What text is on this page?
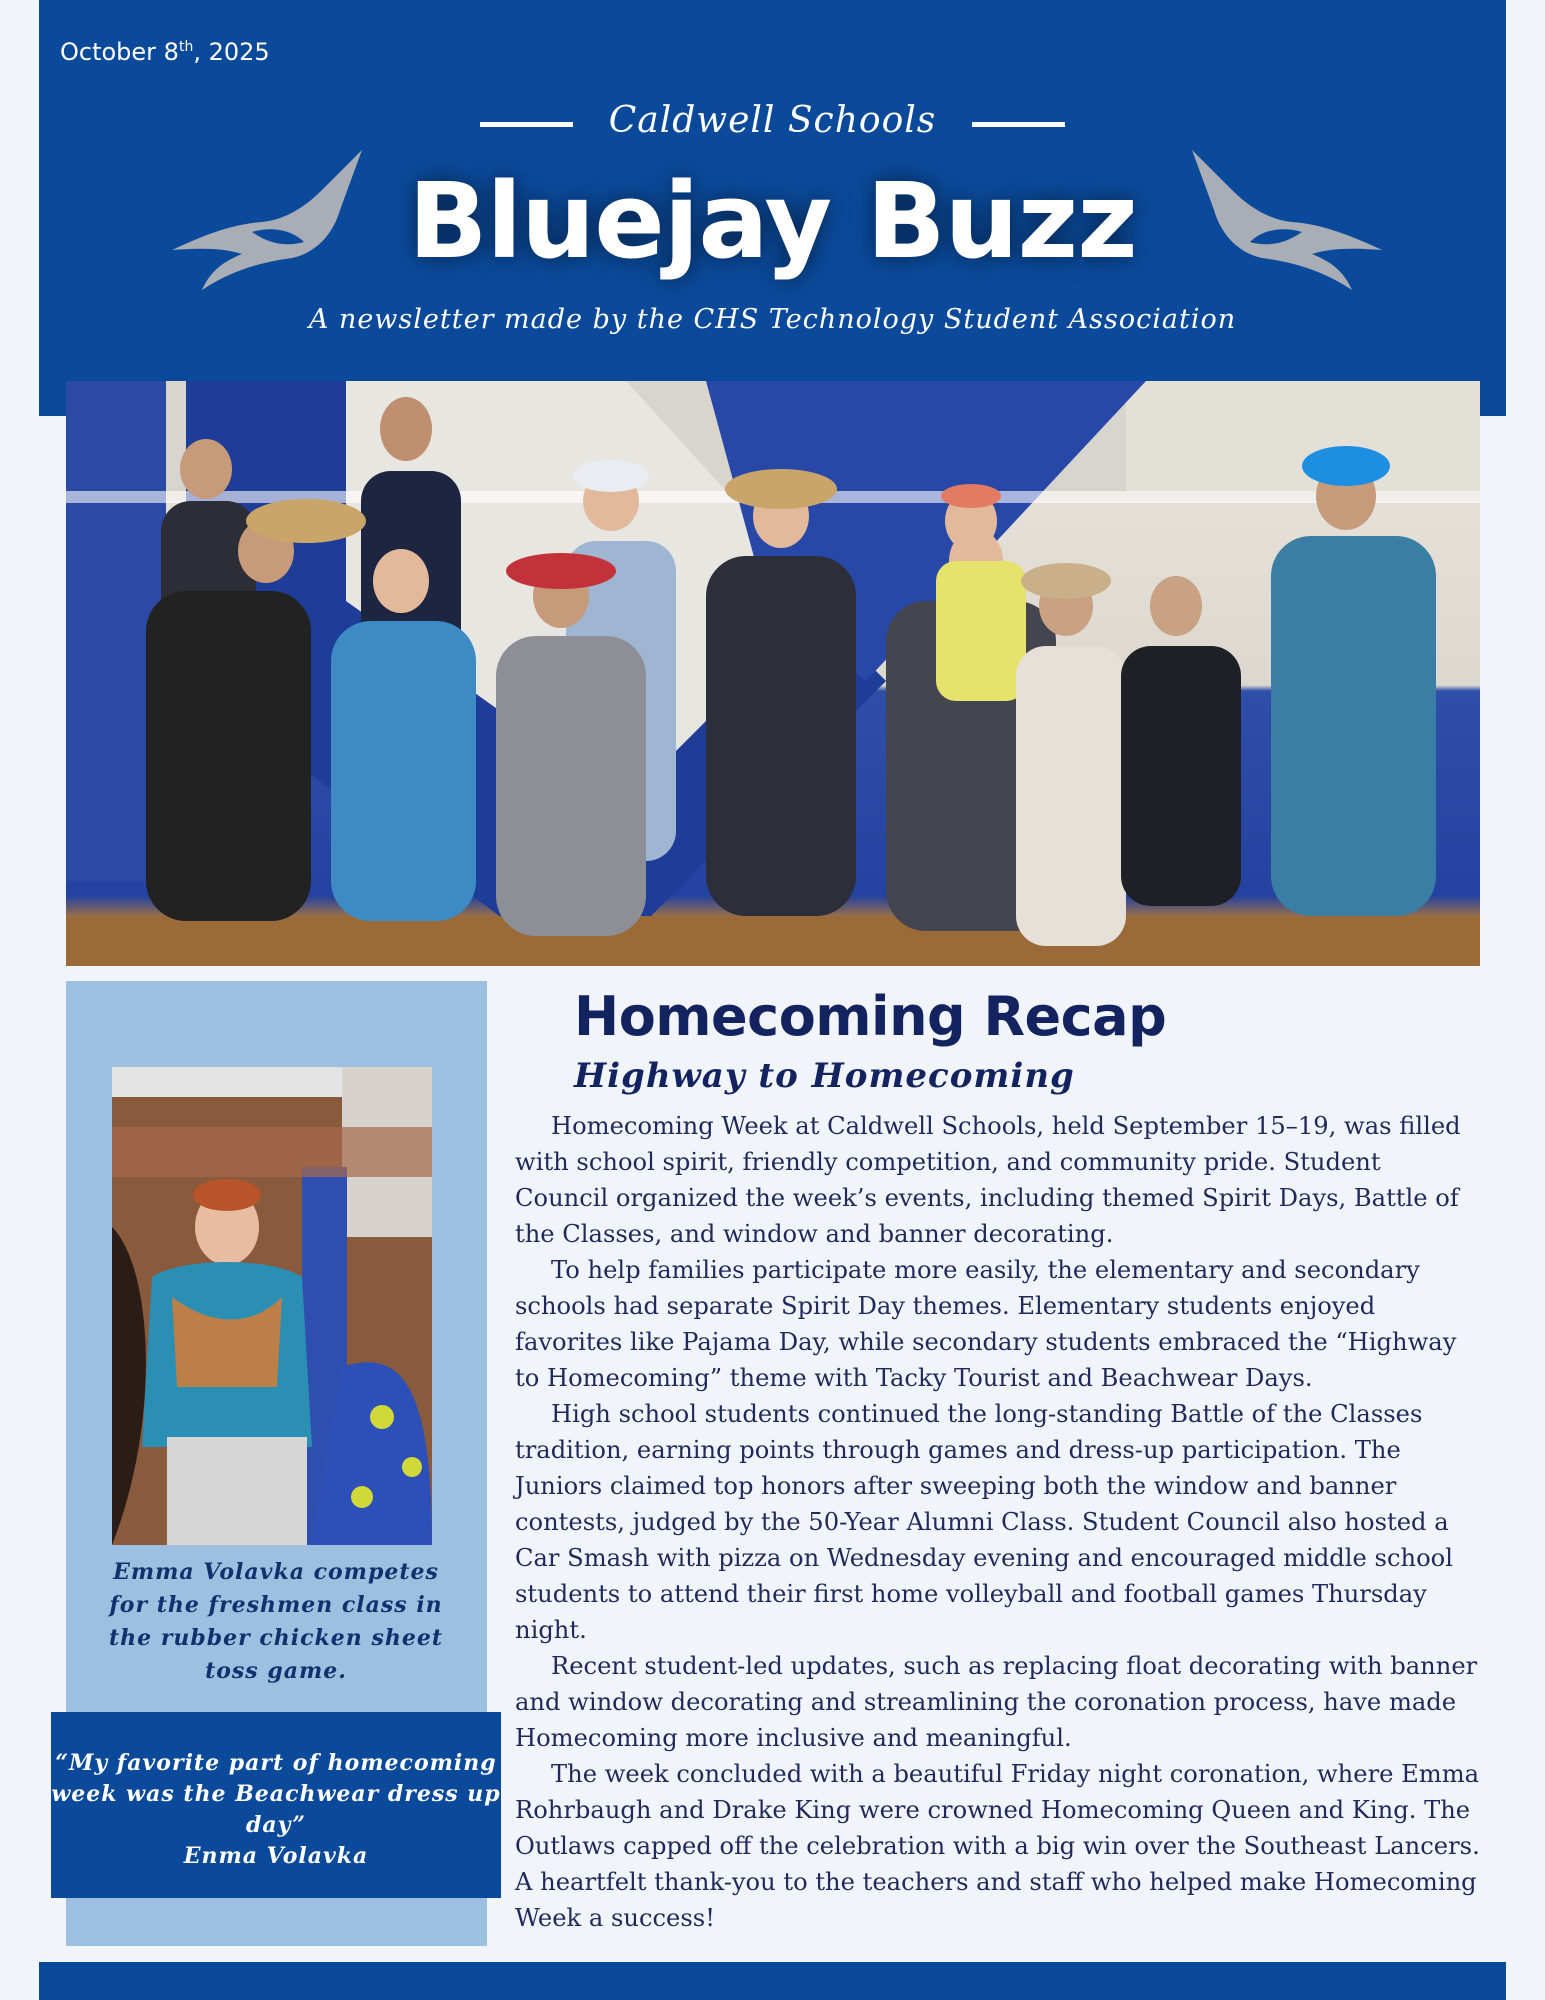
October 8th, 2025
Caldwell Schools
Bluejay Buzz
A newsletter made by the CHS Technology Student Association
Emma Volavka competes for the freshmen class in the rubber chicken sheet toss game.
“My favorite part of homecoming week was the Beachwear dress up day”
Enma Volavka
Homecoming Recap
Highway to Homecoming

Homecoming Week at Caldwell Schools, held September 15–19, was filled with school spirit, friendly competition, and community pride. Student Council organized the week’s events, including themed Spirit Days, Battle of the Classes, and window and banner decorating.

To help families participate more easily, the elementary and secondary schools had separate Spirit Day themes. Elementary students enjoyed favorites like Pajama Day, while secondary students embraced the “Highway to Homecoming” theme with Tacky Tourist and Beachwear Days.

High school students continued the long-standing Battle of the Classes tradition, earning points through games and dress-up participation. The Juniors claimed top honors after sweeping both the window and banner contests, judged by the 50-Year Alumni Class. Student Council also hosted a Car Smash with pizza on Wednesday evening and encouraged middle school students to attend their first home volleyball and football games Thursday night.

Recent student-led updates, such as replacing float decorating with banner and window decorating and streamlining the coronation process, have made Homecoming more inclusive and meaningful.

The week concluded with a beautiful Friday night coronation, where Emma Rohrbaugh and Drake King were crowned Homecoming Queen and King. The Outlaws capped off the celebration with a big win over the Southeast Lancers. A heartfelt thank-you to the teachers and staff who helped make Homecoming Week a success!
